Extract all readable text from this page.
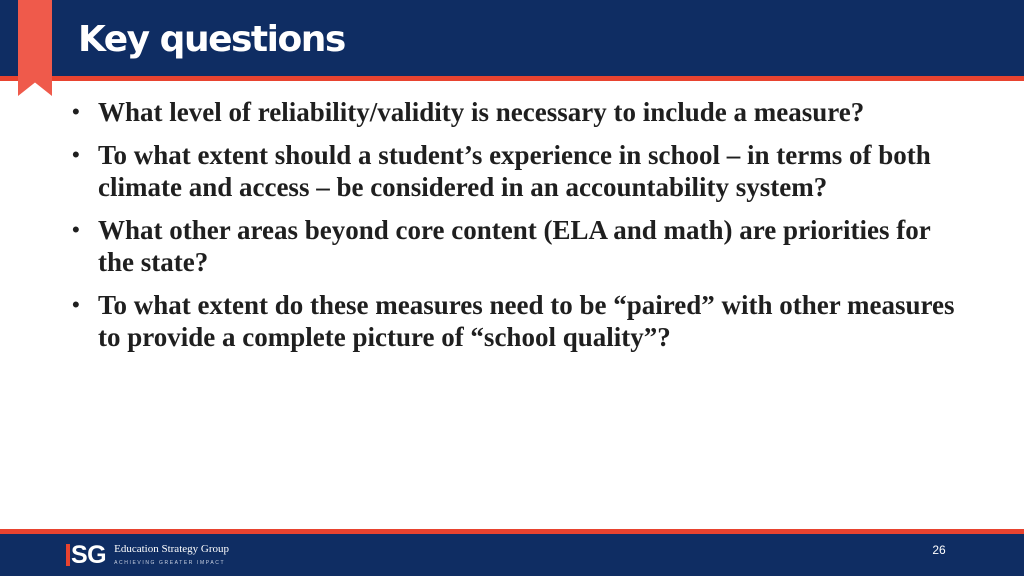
Key questions
• What level of reliability/validity is necessary to include a measure?
• To what extent should a student’s experience in school – in terms of both climate and access – be considered in an accountability system?
• What other areas beyond core content (ELA and math) are priorities for the state?
• To what extent do these measures need to be “paired” with other measures to provide a complete picture of “school quality”?
SG Education Strategy Group
ACHIEVING GREATER IMPACT
26
